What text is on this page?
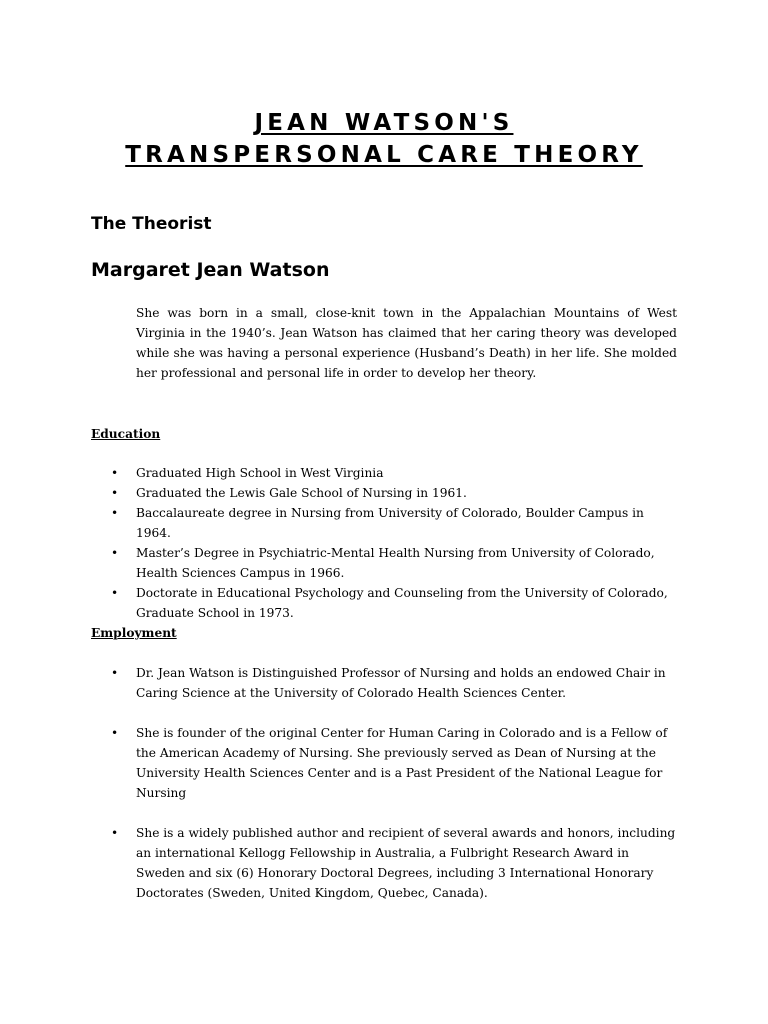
JEAN WATSON'S
TRANSPERSONAL CARE THEORY
The Theorist
Margaret Jean Watson

She was born in a small, close-knit town in the Appalachian Mountains of West Virginia in the 1940’s. Jean Watson has claimed that her caring theory was developed while she was having a personal experience (Husband’s Death) in her life. She molded her professional and personal life in order to develop her theory.

Education
• Graduated High School in West Virginia
• Graduated the Lewis Gale School of Nursing in 1961.
• Baccalaureate degree in Nursing from University of Colorado, Boulder Campus in 1964.
• Master’s Degree in Psychiatric-Mental Health Nursing from University of Colorado, Health Sciences Campus in 1966.
• Doctorate in Educational Psychology and Counseling from the University of Colorado, Graduate School in 1973.
Employment
• Dr. Jean Watson is Distinguished Professor of Nursing and holds an endowed Chair in Caring Science at the University of Colorado Health Sciences Center.
• She is founder of the original Center for Human Caring in Colorado and is a Fellow of the American Academy of Nursing. She previously served as Dean of Nursing at the University Health Sciences Center and is a Past President of the National League for Nursing
• She is a widely published author and recipient of several awards and honors, including an international Kellogg Fellowship in Australia, a Fulbright Research Award in Sweden and six (6) Honorary Doctoral Degrees, including 3 International Honorary Doctorates (Sweden, United Kingdom, Quebec, Canada).
